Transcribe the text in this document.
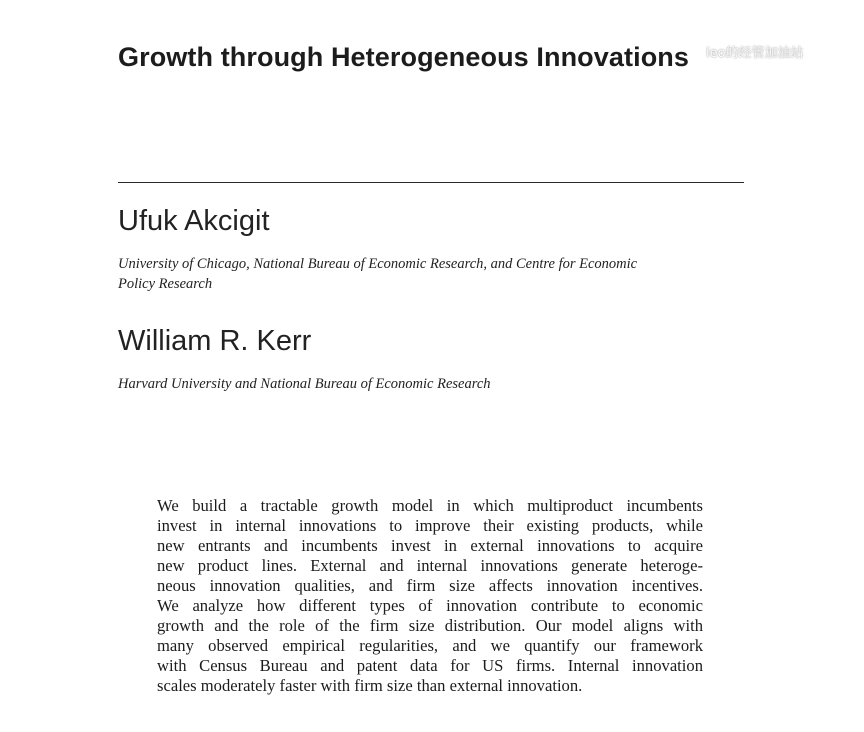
Growth through Heterogeneous Innovations leo的经管加油站
Ufuk Akcigit

University of Chicago, National Bureau of Economic Research, and Centre for Economic
Policy Research

William R. Kerr

Harvard University and National Bureau of Economic Research

We build a tractable growth model in which multiproduct incumbents
invest in internal innovations to improve their existing products, while
new entrants and incumbents invest in external innovations to acquire
new product lines. External and internal innovations generate heteroge-
neous innovation qualities, and firm size affects innovation incentives.
We analyze how different types of innovation contribute to economic
growth and the role of the firm size distribution. Our model aligns with
many observed empirical regularities, and we quantify our framework
with Census Bureau and patent data for US firms. Internal innovation
scales moderately faster with firm size than external innovation.
